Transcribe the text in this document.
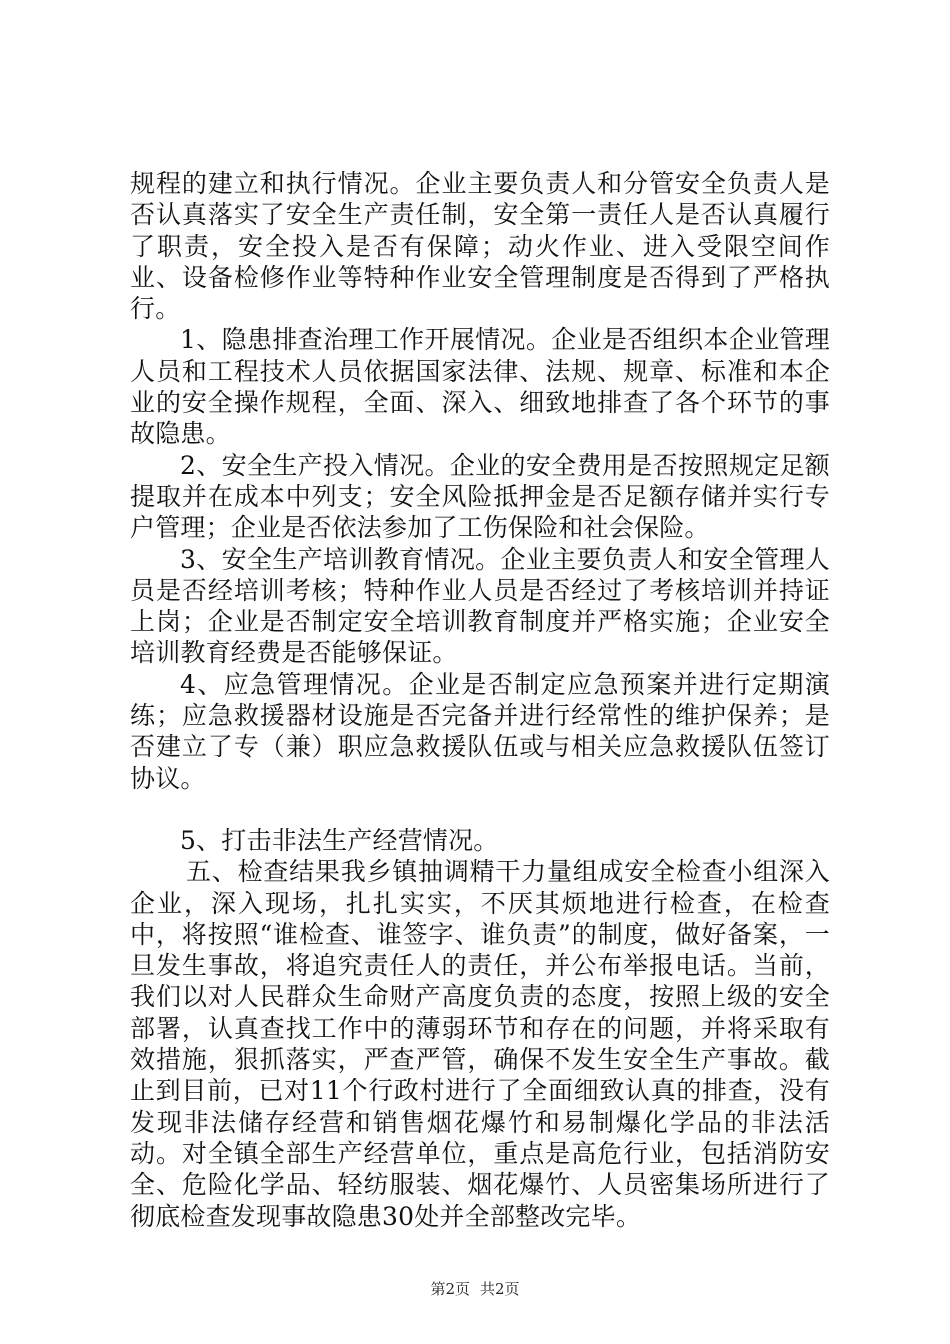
规程的建立和执行情况。企业主要负责人和分管安全负责人是否认真落实了安全生产责任制，安全第一责任人是否认真履行了职责，安全投入是否有保障；动火作业、进入受限空间作业、设备检修作业等特种作业安全管理制度是否得到了严格执行。

1、隐患排查治理工作开展情况。企业是否组织本企业管理人员和工程技术人员依据国家法律、法规、规章、标准和本企业的安全操作规程，全面、深入、细致地排查了各个环节的事故隐患。

2、安全生产投入情况。企业的安全费用是否按照规定足额提取并在成本中列支；安全风险抵押金是否足额存储并实行专户管理；企业是否依法参加了工伤保险和社会保险。

3、安全生产培训教育情况。企业主要负责人和安全管理人员是否经培训考核；特种作业人员是否经过了考核培训并持证上岗；企业是否制定安全培训教育制度并严格实施；企业安全培训教育经费是否能够保证。

4、应急管理情况。企业是否制定应急预案并进行定期演练；应急救援器材设施是否完备并进行经常性的维护保养；是否建立了专（兼）职应急救援队伍或与相关应急救援队伍签订协议。

5、打击非法生产经营情况。

五、检查结果我乡镇抽调精干力量组成安全检查小组深入企业，深入现场，扎扎实实，不厌其烦地进行检查，在检查中，将按照“谁检查、谁签字、谁负责”的制度，做好备案，一旦发生事故，将追究责任人的责任，并公布举报电话。当前，我们以对人民群众生命财产高度负责的态度，按照上级的安全部署，认真查找工作中的薄弱环节和存在的问题，并将采取有效措施，狠抓落实，严查严管，确保不发生安全生产事故。截止到目前，已对11个行政村进行了全面细致认真的排查，没有发现非法储存经营和销售烟花爆竹和易制爆化学品的非法活动。对全镇全部生产经营单位，重点是高危行业，包括消防安全、危险化学品、轻纺服装、烟花爆竹、人员密集场所进行了彻底检查发现事故隐患30处并全部整改完毕。

第2页 共2页
